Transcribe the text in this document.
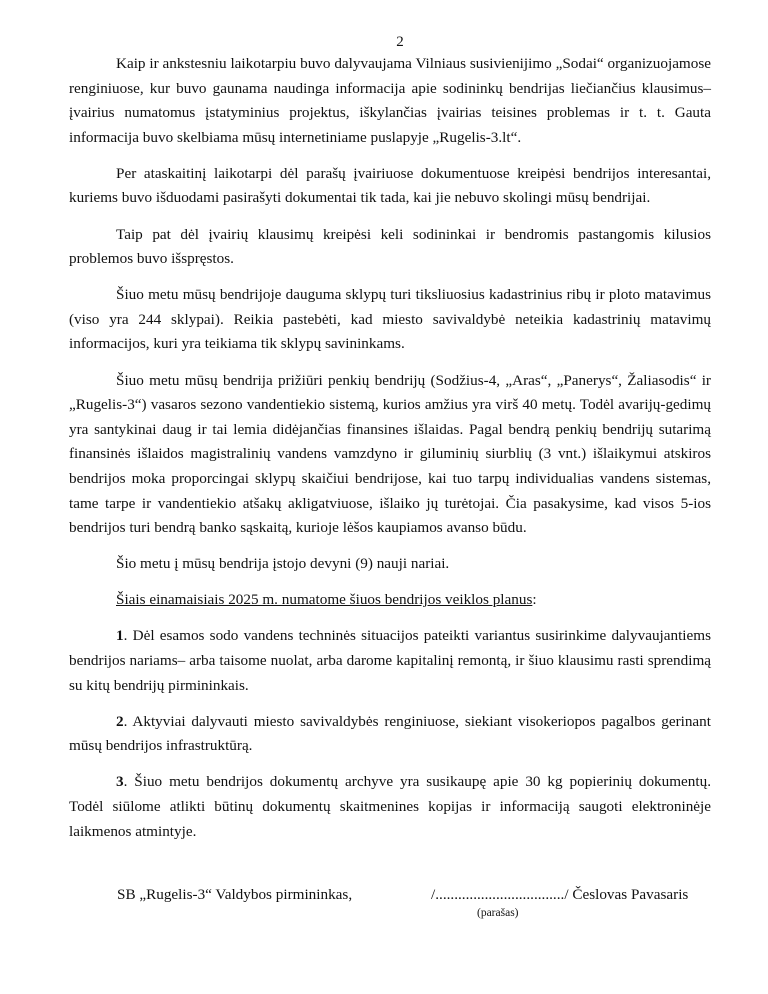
2

Kaip ir ankstesniu laikotarpiu buvo dalyvaujama Vilniaus susivienijimo „Sodai“ organizuojamose renginiuose, kur buvo gaunama naudinga informacija apie sodininkų bendrijas liečiančius klausimus– įvairius numatomus įstatyminius projektus, iškylančias įvairias teisines problemas ir t. t. Gauta informacija buvo skelbiama mūsų internetiniame puslapyje „Rugelis-3.lt“.

Per ataskaitinį laikotarpi dėl parašų įvairiuose dokumentuose kreipėsi bendrijos interesantai, kuriems buvo išduodami pasirašyti dokumentai tik tada, kai jie nebuvo skolingi mūsų bendrijai.

Taip pat dėl įvairių klausimų kreipėsi keli sodininkai ir bendromis pastangomis kilusios problemos buvo išspręstos.

Šiuo metu mūsų bendrijoje dauguma sklypų turi tiksliuosius kadastrinius ribų ir ploto matavimus (viso yra 244 sklypai). Reikia pastebėti, kad miesto savivaldybė neteikia kadastrinių matavimų informacijos, kuri yra teikiama tik sklypų savininkams.

Šiuo metu mūsų bendrija prižiūri penkių bendrijų (Sodžius-4, „Aras“, „Panerys“, Žaliasodis“ ir „Rugelis-3“) vasaros sezono vandentiekio sistemą, kurios amžius yra virš 40 metų. Todėl avarijų-gedimų yra santykinai daug ir tai lemia didėjančias finansines išlaidas. Pagal bendrą penkių bendrijų sutarimą finansinės išlaidos magistralinių vandens vamzdyno ir giluminių siurblių (3 vnt.) išlaikymui atskiros bendrijos moka proporcingai sklypų skaičiui bendrijose, kai tuo tarpų individualias vandens sistemas, tame tarpe ir vandentiekio atšakų akligatviuose, išlaiko jų turėtojai. Čia pasakysime, kad visos 5-ios bendrijos turi bendrą banko sąskaitą, kurioje lėšos kaupiamos avanso būdu.

Šio metu į mūsų bendrija įstojo devyni (9) nauji nariai.

Šiais einamaisiais 2025 m. numatome šiuos bendrijos veiklos planus:

1. Dėl esamos sodo vandens techninės situacijos pateikti variantus susirinkime dalyvaujantiems bendrijos nariams– arba taisome nuolat, arba darome kapitalinį remontą, ir šiuo klausimu rasti sprendimą su kitų bendrijų pirmininkais.

2. Aktyviai dalyvauti miesto savivaldybės renginiuose, siekiant visokeriopos pagalbos gerinant mūsų bendrijos infrastruktūrą.

3. Šiuo metu bendrijos dokumentų archyve yra susikaupę apie 30 kg popierinių dokumentų. Todėl siūlome atlikti būtinų dokumentų skaitmenines kopijas ir informaciją saugoti elektroninėje laikmenos atmintyje.

SB „Rugelis-3“ Valdybos pirmininkas,	/................................../ Česlovas Pavasaris
(parašas)
